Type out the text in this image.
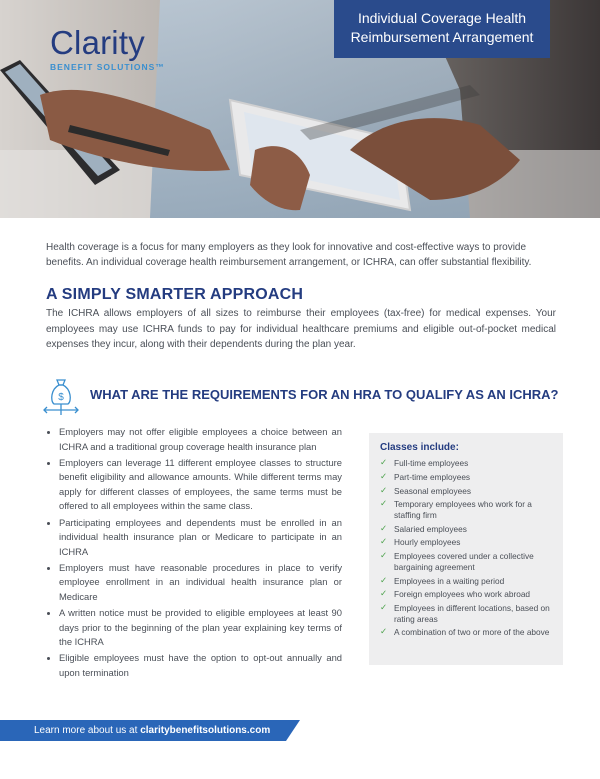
Clarity
BENEFIT SOLUTIONS™
Individual Coverage Health
Reimbursement Arrangement

Health coverage is a focus for many employers as they look for innovative and cost-effective ways to provide benefits. An individual coverage health reimbursement arrangement, or ICHRA, can offer substantial flexibility.

A SIMPLY SMARTER APPROACH

The ICHRA allows employers of all sizes to reimburse their employees (tax-free) for medical expenses. Your employees may use ICHRA funds to pay for individual healthcare premiums and eligible out-of-pocket medical expenses they incur, along with their dependents during the plan year.

$ WHAT ARE THE REQUIREMENTS FOR AN HRA TO QUALIFY AS AN ICHRA?
Employers may not offer eligible employees a choice between an ICHRA and a traditional group coverage health insurance plan
Employers can leverage 11 different employee classes to structure benefit eligibility and allowance amounts. While different terms may apply for different classes of employees, the same terms must be offered to all employees within the same class.
Participating employees and dependents must be enrolled in an individual health insurance plan or Medicare to participate in an ICHRA
Employers must have reasonable procedures in place to verify employee enrollment in an individual health insurance plan or Medicare
A written notice must be provided to eligible employees at least 90 days prior to the beginning of the plan year explaining key terms of the ICHRA
Eligible employees must have the option to opt-out annually and upon termination
Classes include:
✓ Full-time employees
✓ Part-time employees
✓ Seasonal employees
✓ Temporary employees who work for a staffing firm
✓ Salaried employees
✓ Hourly employees
✓ Employees covered under a collective bargaining agreement
✓ Employees in a waiting period
✓ Foreign employees who work abroad
✓ Employees in different locations, based on rating areas
✓ A combination of two or more of the above
Learn more about us at claritybenefitsolutions.com
